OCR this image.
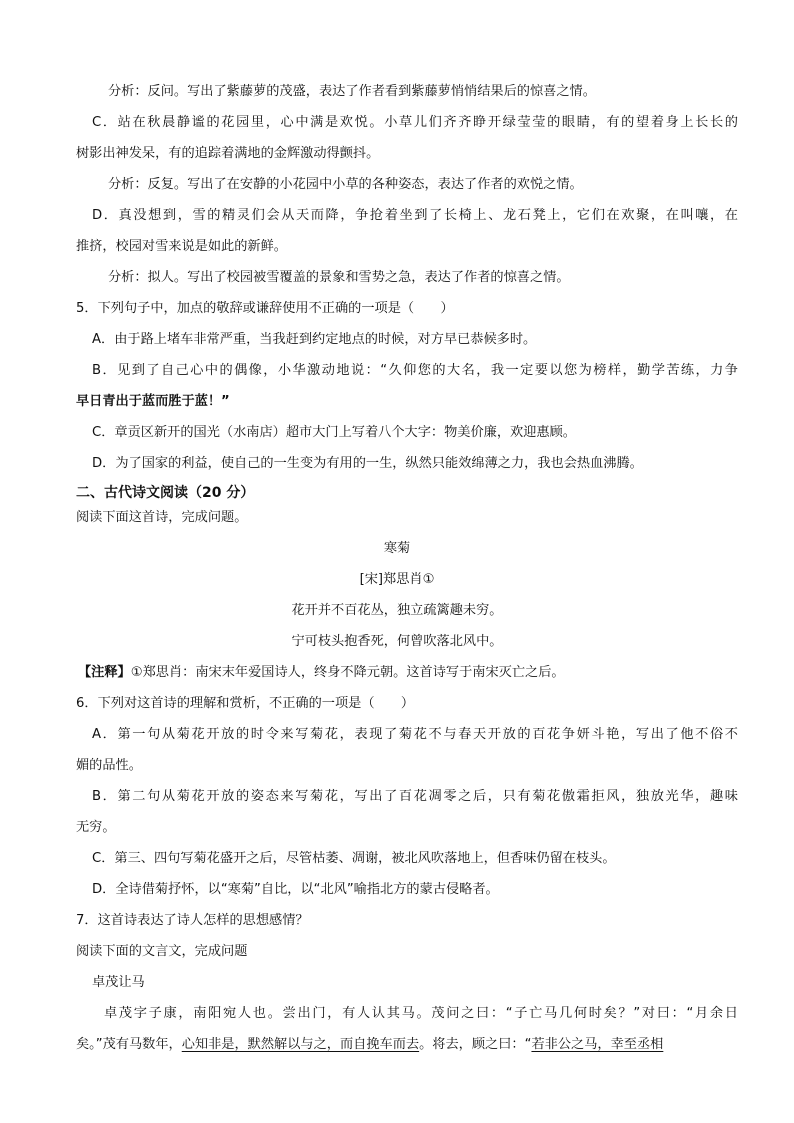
分析：反问。写出了紫藤萝的茂盛，表达了作者看到紫藤萝悄悄结果后的惊喜之情。
C．站在秋晨静谧的花园里，心中满是欢悦。小草儿们齐齐睁开绿莹莹的眼睛，有的望着身上长长的
树影出神发呆，有的追踪着满地的金辉激动得颤抖。
分析：反复。写出了在安静的小花园中小草的各种姿态，表达了作者的欢悦之情。
D．真没想到，雪的精灵们会从天而降，争抢着坐到了长椅上、龙石凳上，它们在欢聚，在叫嚷，在
推挤，校园对雪来说是如此的新鲜。
分析：拟人。写出了校园被雪覆盖的景象和雪势之急，表达了作者的惊喜之情。
5．下列句子中，加点的敬辞或谦辞使用不正确的一项是（　　）
A．由于路上堵车非常严重，当我赶到约定地点的时候，对方早已恭候多时。
B．见到了自己心中的偶像，小华激动地说：“久仰您的大名，我一定要以您为榜样，勤学苦练，力争
早日青出于蓝而胜于蓝！”
C．章贡区新开的国光（水南店）超市大门上写着八个大字：物美价廉，欢迎惠顾。
D．为了国家的利益，使自己的一生变为有用的一生，纵然只能效绵薄之力，我也会热血沸腾。
二、古代诗文阅读（20 分）
阅读下面这首诗，完成问题。
寒菊
[宋]郑思肖①
花开并不百花丛，独立疏篱趣未穷。
宁可枝头抱香死，何曾吹落北风中。
【注释】①郑思肖：南宋末年爱国诗人，终身不降元朝。这首诗写于南宋灭亡之后。
6．下列对这首诗的理解和赏析，不正确的一项是（　　）
A．第一句从菊花开放的时令来写菊花，表现了菊花不与春天开放的百花争妍斗艳，写出了他不俗不
媚的品性。
B．第二句从菊花开放的姿态来写菊花，写出了百花凋零之后，只有菊花傲霜拒风，独放光华，趣味
无穷。
C．第三、四句写菊花盛开之后，尽管枯萎、凋谢，被北风吹落地上，但香味仍留在枝头。
D．全诗借菊抒怀，以“寒菊”自比，以“北风”喻指北方的蒙古侵略者。
7．这首诗表达了诗人怎样的思想感情？
阅读下面的文言文，完成问题
卓茂让马
卓茂字子康，南阳宛人也。尝出门，有人认其马。茂问之曰：“子亡马几何时矣？”对曰：“月余日
矣。”茂有马数年，心知非是，默然解以与之，而自挽车而去。将去，顾之曰：“若非公之马，幸至丞相
